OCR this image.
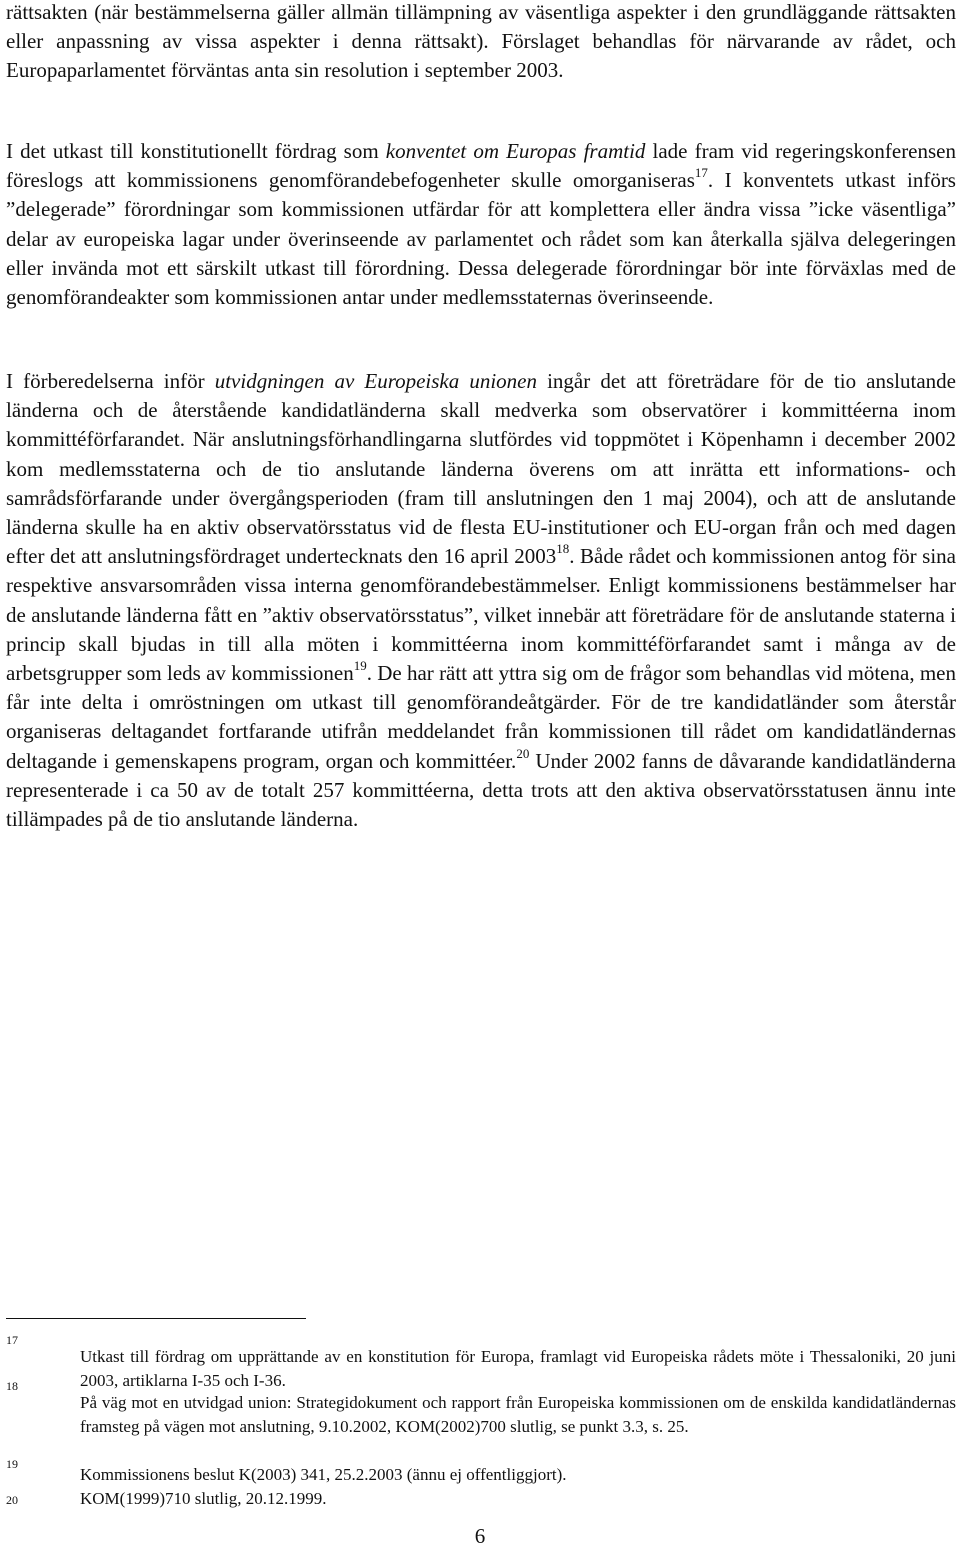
rättsakten (när bestämmelserna gäller allmän tillämpning av väsentliga aspekter i den grundläggande rättsakten eller anpassning av vissa aspekter i denna rättsakt). Förslaget behandlas för närvarande av rådet, och Europaparlamentet förväntas anta sin resolution i september 2003.

I det utkast till konstitutionellt fördrag som konventet om Europas framtid lade fram vid regeringskonferensen föreslogs att kommissionens genomförandebefogenheter skulle omorganiseras$^{17}$. I konventets utkast införs ”delegerade” förordningar som kommissionen utfärdar för att komplettera eller ändra vissa ”icke väsentliga” delar av europeiska lagar under överinseende av parlamentet och rådet som kan återkalla själva delegeringen eller invända mot ett särskilt utkast till förordning. Dessa delegerade förordningar bör inte förväxlas med de genomförandeakter som kommissionen antar under medlemsstaternas överinseende.

I förberedelserna inför utvidgningen av Europeiska unionen ingår det att företrädare för de tio anslutande länderna och de återstående kandidatländerna skall medverka som observatörer i kommittéerna inom kommittéförfarandet. När anslutningsförhandlingarna slutfördes vid toppmötet i Köpenhamn i december 2002 kom medlemsstaterna och de tio anslutande länderna överens om att inrätta ett informations- och samrådsförfarande under övergångsperioden (fram till anslutningen den 1 maj 2004), och att de anslutande länderna skulle ha en aktiv observatörsstatus vid de flesta EU-institutioner och EU-organ från och med dagen efter det att anslutningsfördraget undertecknats den 16 april 2003$^{18}$. Både rådet och kommissionen antog för sina respektive ansvarsområden vissa interna genomförandebestämmelser. Enligt kommissionens bestämmelser har de anslutande länderna fått en ”aktiv observatörsstatus”, vilket innebär att företrädare för de anslutande staterna i princip skall bjudas in till alla möten i kommittéerna inom kommittéförfarandet samt i många av de arbetsgrupper som leds av kommissionen$^{19}$. De har rätt att yttra sig om de frågor som behandlas vid mötena, men får inte delta i omröstningen om utkast till genomförandeåtgärder. För de tre kandidatländer som återstår organiseras deltagandet fortfarande utifrån meddelandet från kommissionen till rådet om kandidatländernas deltagande i gemenskapens program, organ och kommittéer.$^{20}$ Under 2002 fanns de dåvarande kandidatländerna representerade i ca 50 av de totalt 257 kommittéerna, detta trots att den aktiva observatörsstatusen ännu inte tillämpades på de tio anslutande länderna.

17
Utkast till fördrag om upprättande av en konstitution för Europa, framlagt vid Europeiska rådets möte i Thessaloniki, 20 juni 2003, artiklarna I-35 och I-36.
18
På väg mot en utvidgad union: Strategidokument och rapport från Europeiska kommissionen om de enskilda kandidatländernas framsteg på vägen mot anslutning, 9.10.2002, KOM(2002)700 slutlig, se punkt 3.3, s. 25.
19
Kommissionens beslut K(2003) 341, 25.2.2003 (ännu ej offentliggjort).
20	KOM(1999)710 slutlig, 20.12.1999.
6
